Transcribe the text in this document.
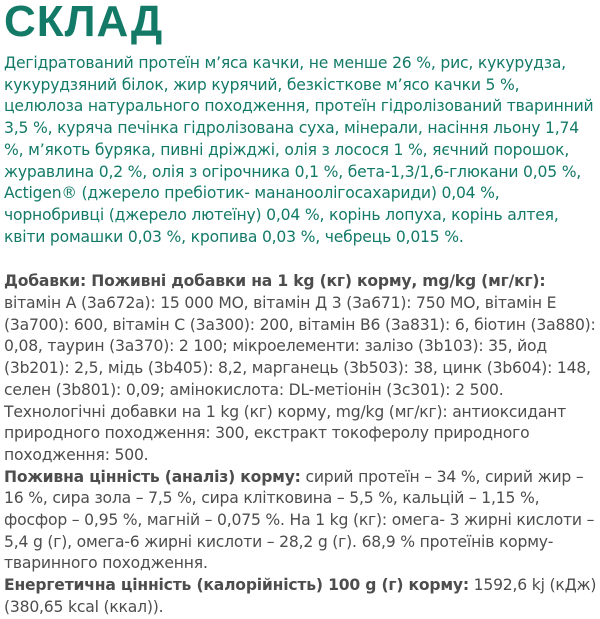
СКЛАД

Дегідратований протеїн м’яса качки, не менше 26 %, рис, кукурудза, кукурудзяний білок, жир курячий, безкісткове м’ясо качки 5 %, целюлоза натурального походження, протеїн гідролізований тваринний 3,5 %, куряча печінка гідролізована суха, мінерали, насіння льону 1,74 %, м’якоть буряка, пивні дріжджі, олія з лосося 1 %, яєчний порошок, журавлина 0,2 %, олія з огірочника 0,1 %, бета-1,3/1,6-глюкани 0,05 %, Actigen® (джерело пребіотик- мананоолігосахариди) 0,04 %, чорнобривці (джерело лютеїну) 0,04 %, корінь лопуха, корінь алтея, квіти ромашки 0,03 %, кропива 0,03 %, чебрець 0,015 %.

Добавки: Поживні добавки на 1 kg (кг) корму, mg/kg (мг/кг): вітамін А (3a672a): 15 000 МО, вітамін Д 3 (3a671): 750 МО, вітамін Е (3a700): 600, вітамін С (3a300): 200, вітамін В6 (3a831): 6, біотин (3a880): 0,08, таурин (3a370): 2 100; мікроелементи: залізо (3b103): 35, йод (3b201): 2,5, мідь (3b405): 8,2, марганець (3b503): 38, цинк (3b604): 148, селен (3b801): 0,09; амінокислота: DL-метіонін (3c301): 2 500. Технологічні добавки на 1 kg (кг) корму, mg/kg (мг/кг): антиоксидант природного походження: 300, екстракт токоферолу природного походження: 500.

Поживна цінність (аналіз) корму: сирий протеїн – 34 %, сирий жир – 16 %, сира зола – 7,5 %, сира клітковина – 5,5 %, кальцій – 1,15 %, фосфор – 0,95 %, магній – 0,075 %. На 1 kg (кг): омега- 3 жирні кислоти – 5,4 g (г), омега-6 жирні кислоти – 28,2 g (г). 68,9 % протеїнів корму- тваринного походження.

Енергетична цінність (калорійність) 100 g (г) корму: 1592,6 kj (кДж) (380,65 kcal (ккал)).
